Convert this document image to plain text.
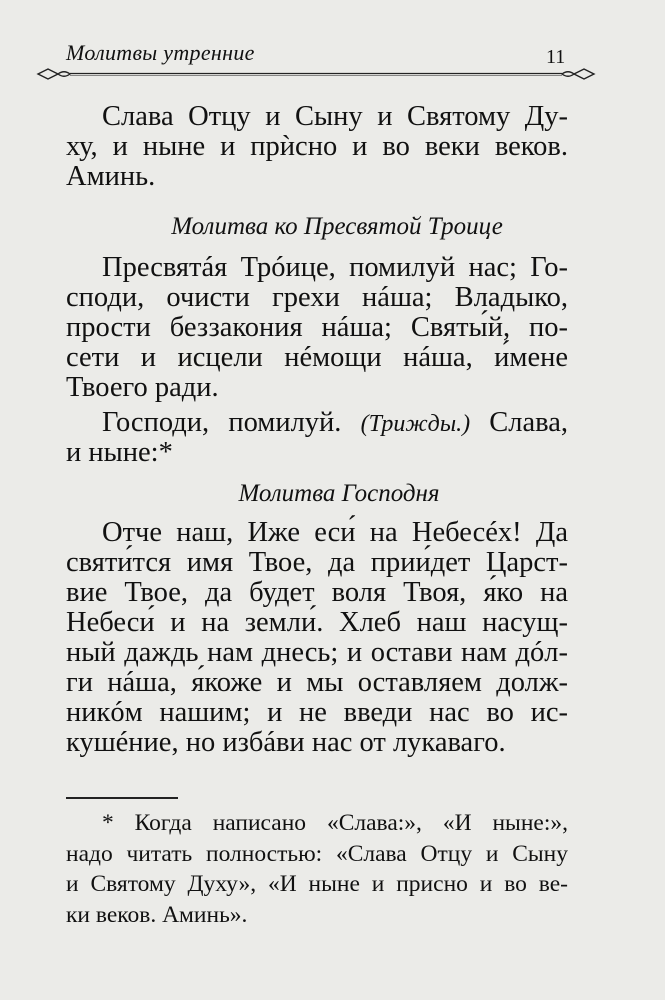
Молитвы утренние	11
Слава Отцу и Сыну и Святому Ду-
ху, и ныне и прѝсно и во веки веков.
Аминь.
Молитва ко Пресвятой Троице
Пресвятáя Трóице, помилуй нас; Го-
споди, очисти грехи нáша; Владыко,
прости беззакония нáша; Святы́й, по-
сети и исцели нéмощи нáша, и́мене
Твоего ради.
Господи, помилуй. (Трижды.) Слава,
и ныне:*
Молитва Господня
Отче наш, Иже еси́ на Небесéх! Да
святи́тся имя Твое, да прии́дет Царст-
вие Твое, да будет воля Твоя, я́ко на
Небеси́ и на земли́. Хлеб наш насущ-
ный даждь нам днесь; и остави нам дóл-
ги нáша, я́коже и мы оставляем долж-
никóм нашим; и не введи нас во ис-
кушéние, но избáви нас от лукаваго.
* Когда написано «Слава:», «И ныне:»,
надо читать полностью: «Слава Отцу и Сыну
и Святому Духу», «И ныне и присно и во ве-
ки веков. Аминь».
